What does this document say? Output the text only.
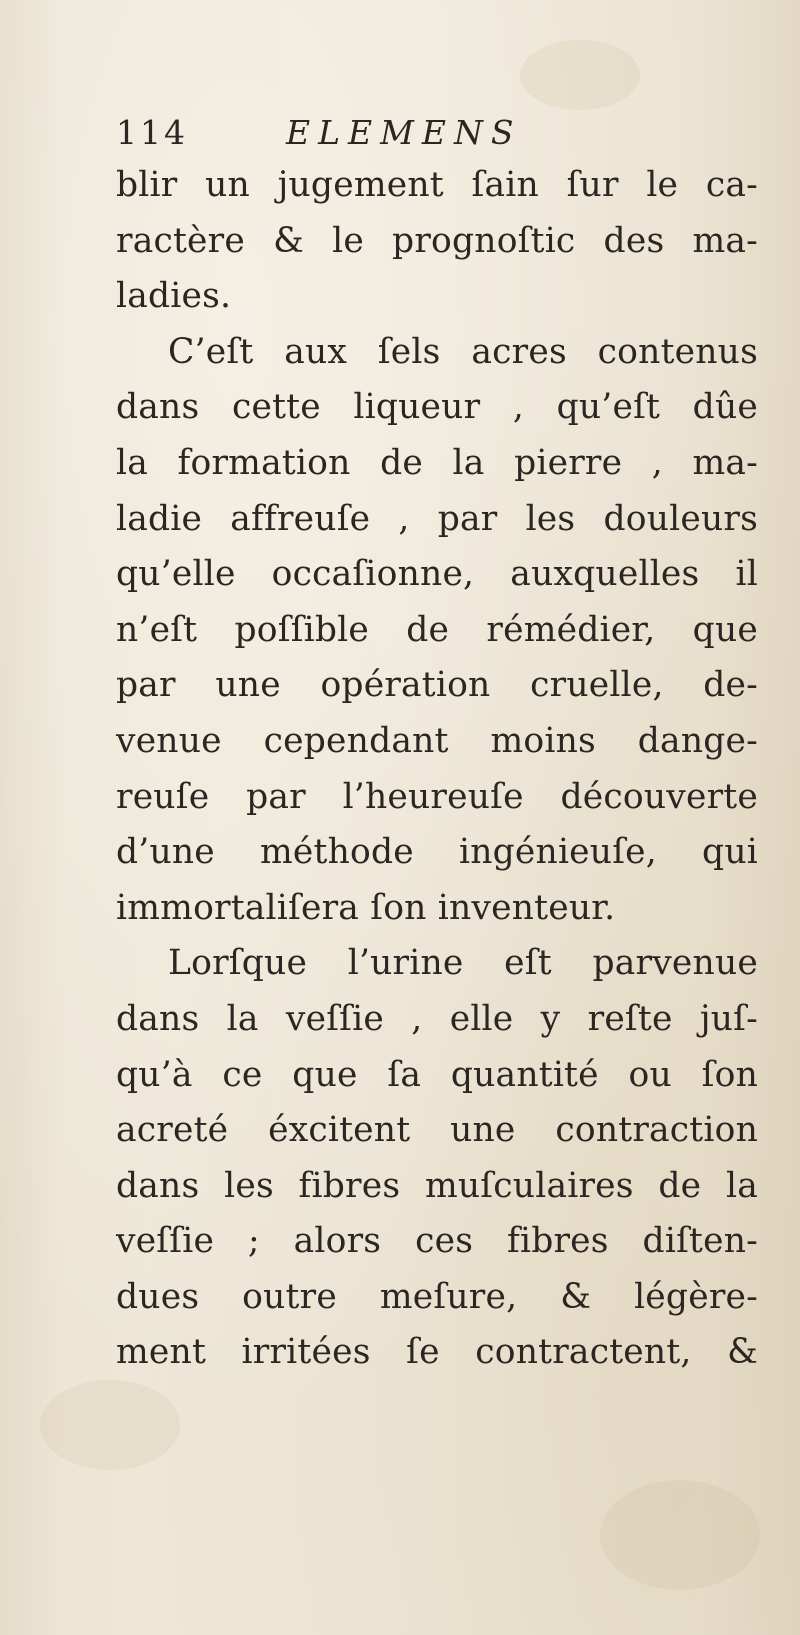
114	ELEMENS

blir un jugement ſain ſur le ca-
ractère & le prognoſtic des ma-
ladies.

C’eſt aux ſels acres contenus
dans cette liqueur , qu’eſt dûe
la formation de la pierre , ma-
ladie affreuſe , par les douleurs
qu’elle occaſionne, auxquelles il
n’eſt poſſible de rémédier, que
par une opération cruelle, de-
venue cependant moins dange-
reuſe par l’heureuſe découverte
d’une méthode ingénieuſe, qui
immortaliſera ſon inventeur.

Lorſque l’urine eſt parvenue
dans la veſſie , elle y reſte juſ-
qu’à ce que ſa quantité ou ſon
acreté éxcitent une contraction
dans les fibres muſculaires de la
veſſie ; alors ces fibres diſten-
dues outre meſure, & légère-
ment irritées ſe contractent, &
